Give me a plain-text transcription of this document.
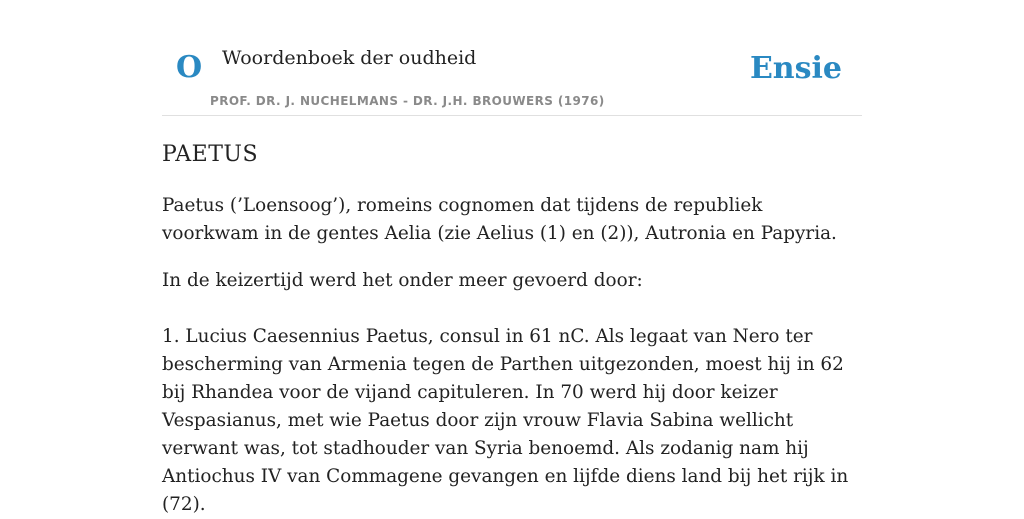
O Woordenboek der oudheid
PROF. DR. J. NUCHELMANS - DR. J.H. BROUWERS (1976)
Ensie
PAETUS

Paetus (’Loensoog’), romeins cognomen dat tijdens de republiek voorkwam in de gentes Aelia (zie Aelius (1) en (2)), Autronia en Papyria.

In de keizertijd werd het onder meer gevoerd door:

1. Lucius Caesennius Paetus, consul in 61 nC. Als legaat van Nero ter bescherming van Armenia tegen de Parthen uitgezonden, moest hij in 62 bij Rhandea voor de vijand capituleren. In 70 werd hij door keizer Vespasianus, met wie Paetus door zijn vrouw Flavia Sabina wellicht verwant was, tot stadhouder van Syria benoemd. Als zodanig nam hij Antiochus IV van Commagene gevangen en lijfde diens land bij het rijk in (72).
